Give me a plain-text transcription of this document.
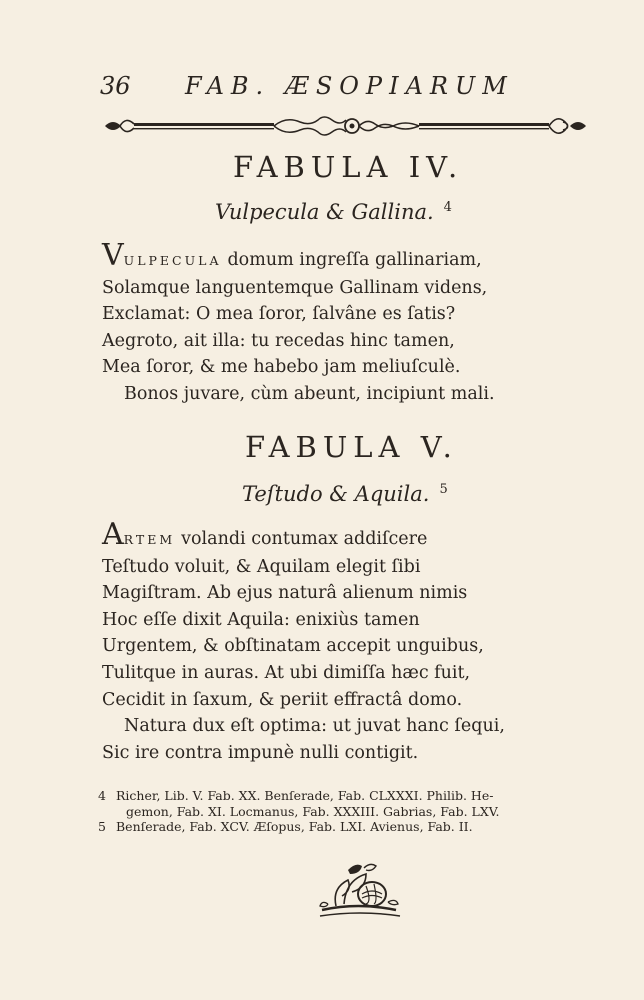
36 FAB. ÆSOPIARUM
FABULA IV.
Vulpecula & Gallina. $^4$
VULPECULA domum ingreſſa gallinariam,
Solamque languentemque Gallinam videns,
Exclamat: O mea ſoror, ſalvâne es ſatis?
Aegroto, ait illa: tu recedas hinc tamen,
Mea ſoror, & me habebo jam meliuſculè.
Bonos juvare, cùm abeunt, incipiunt mali.
FABULA V.
Teſtudo & Aquila. $^5$
ARTEM volandi contumax addiſcere
Teſtudo voluit, & Aquilam elegit ſibi
Magiſtram. Ab ejus naturâ alienum nimis
Hoc eſſe dixit Aquila: enixiùs tamen
Urgentem, & obſtinatam accepit unguibus,
Tulitque in auras. At ubi dimiſſa hæc fuit,
Cecidit in ſaxum, & periit effractâ domo.
Natura dux eſt optima: ut juvat hanc ſequi,
Sic ire contra impunè nulli contigit.
4 Richer, Lib. V. Fab. XX. Benſerade, Fab. CLXXXI. Philib. He-
gemon, Fab. XI. Locmanus, Fab. XXXIII. Gabrias, Fab. LXV.
5 Benſerade, Fab. XCV. Æſopus, Fab. LXI. Avienus, Fab. II.
